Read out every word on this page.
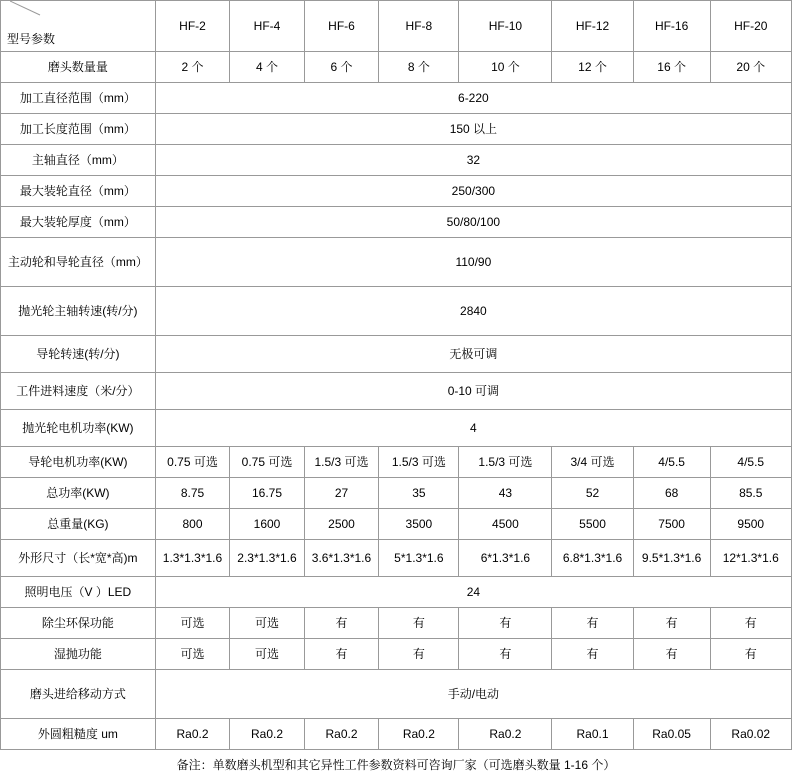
型号参数	HF-2	HF-4	HF-6	HF-8	HF-10	HF-12	HF-16	HF-20
磨头数量量	2 个	4 个	6 个	8 个	10 个	12 个	16 个	20 个
加工直径范围（mm）	6-220							
加工长度范围（mm）	150 以上							
主轴直径（mm）	32							
最大装轮直径（mm）	250/300							
最大装轮厚度（mm）	50/80/100							
主动轮和导轮直径（mm）	110/90							
抛光轮主轴转速(转/分)	2840							
导轮转速(转/分)	无极可调							
工件进料速度（米/分）	0-10 可调							
抛光轮电机功率(KW)	4							
导轮电机功率(KW)	0.75 可选	0.75 可选	1.5/3 可选	1.5/3 可选	1.5/3 可选	3/4 可选	4/5.5	4/5.5
总功率(KW)	8.75	16.75	27	35	43	52	68	85.5
总重量(KG)	800	1600	2500	3500	4500	5500	7500	9500
外形尺寸（长*宽*高)m	1.3*1.3*1.6	2.3*1.3*1.6	3.6*1.3*1.6	5*1.3*1.6	6*1.3*1.6	6.8*1.3*1.6	9.5*1.3*1.6	12*1.3*1.6
照明电压（V ）LED	24							
除尘环保功能	可选	可选	有	有	有	有	有	有
湿抛功能	可选	可选	有	有	有	有	有	有
磨头进给移动方式	手动/电动							
外圆粗糙度 um	Ra0.2	Ra0.2	Ra0.2	Ra0.2	Ra0.2	Ra0.1	Ra0.05	Ra0.02
备注：单数磨头机型和其它异性工件参数资料可咨询厂家（可选磨头数量 1-16 个）
